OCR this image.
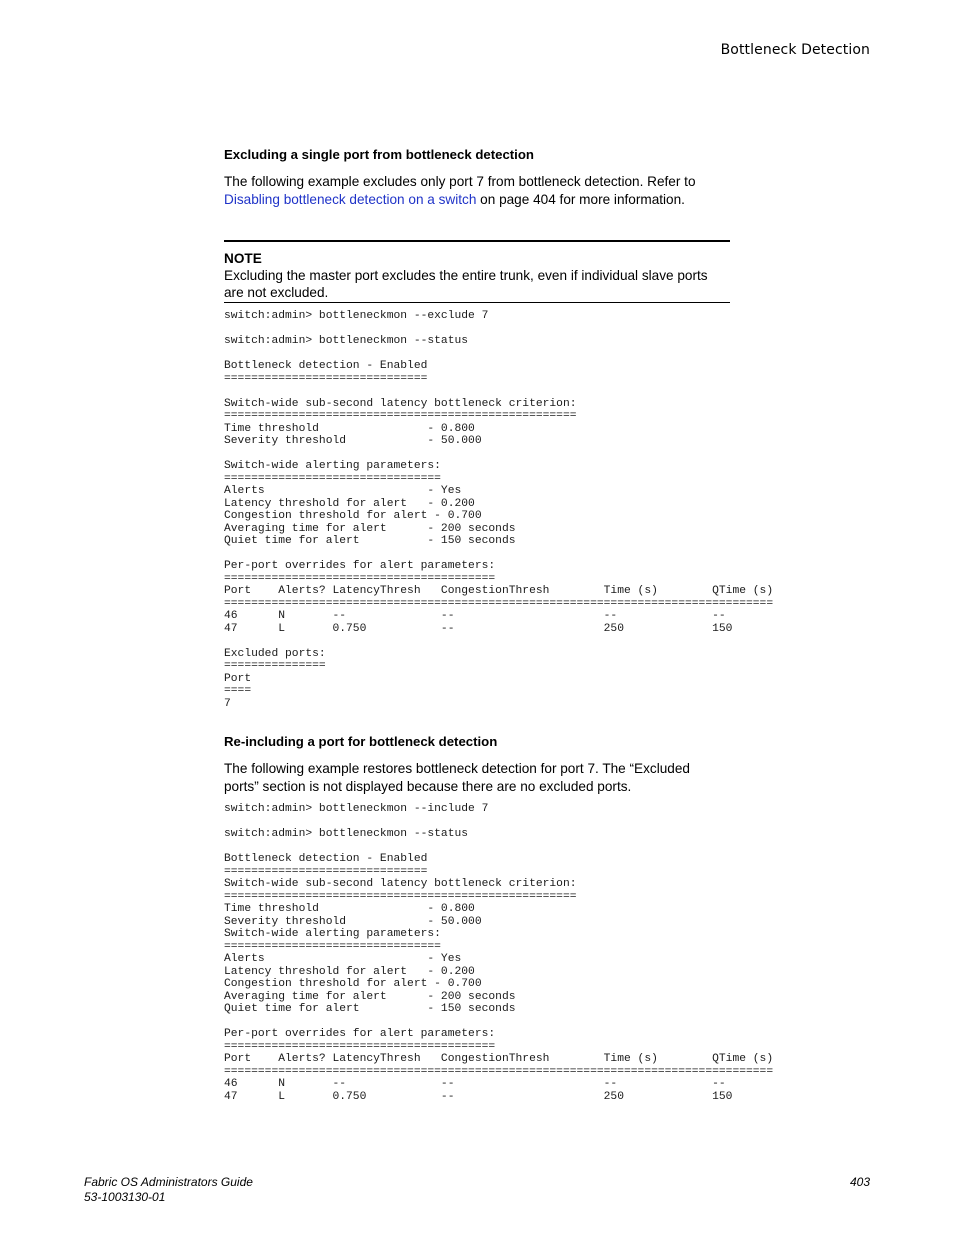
Bottleneck Detection
Excluding a single port from bottleneck detection
The following example excludes only port 7 from bottleneck detection. Refer to Disabling bottleneck detection on a switch on page 404 for more information.
NOTE
Excluding the master port excludes the entire trunk, even if individual slave ports are not excluded.
switch:admin> bottleneckmon --exclude 7

switch:admin> bottleneckmon --status

Bottleneck detection - Enabled
==============================

Switch-wide sub-second latency bottleneck criterion:
====================================================
Time threshold                - 0.800
Severity threshold            - 50.000

Switch-wide alerting parameters:
================================
Alerts                        - Yes
Latency threshold for alert   - 0.200
Congestion threshold for alert - 0.700
Averaging time for alert      - 200 seconds
Quiet time for alert          - 150 seconds

Per-port overrides for alert parameters:
========================================
Port    Alerts? LatencyThresh   CongestionThresh        Time (s)        QTime (s)
=================================================================================
46      N       --              --                      --              --
47      L       0.750           --                      250             150

Excluded ports:
===============
Port
====
7
Re-including a port for bottleneck detection
The following example restores bottleneck detection for port 7. The “Excluded ports” section is not displayed because there are no excluded ports.
switch:admin> bottleneckmon --include 7

switch:admin> bottleneckmon --status

Bottleneck detection - Enabled
==============================
Switch-wide sub-second latency bottleneck criterion:
====================================================
Time threshold                - 0.800
Severity threshold            - 50.000
Switch-wide alerting parameters:
================================
Alerts                        - Yes
Latency threshold for alert   - 0.200
Congestion threshold for alert - 0.700
Averaging time for alert      - 200 seconds
Quiet time for alert          - 150 seconds

Per-port overrides for alert parameters:
========================================
Port    Alerts? LatencyThresh   CongestionThresh        Time (s)        QTime (s)
=================================================================================
46      N       --              --                      --              --
47      L       0.750           --                      250             150
Fabric OS Administrators Guide
53-1003130-01
403
